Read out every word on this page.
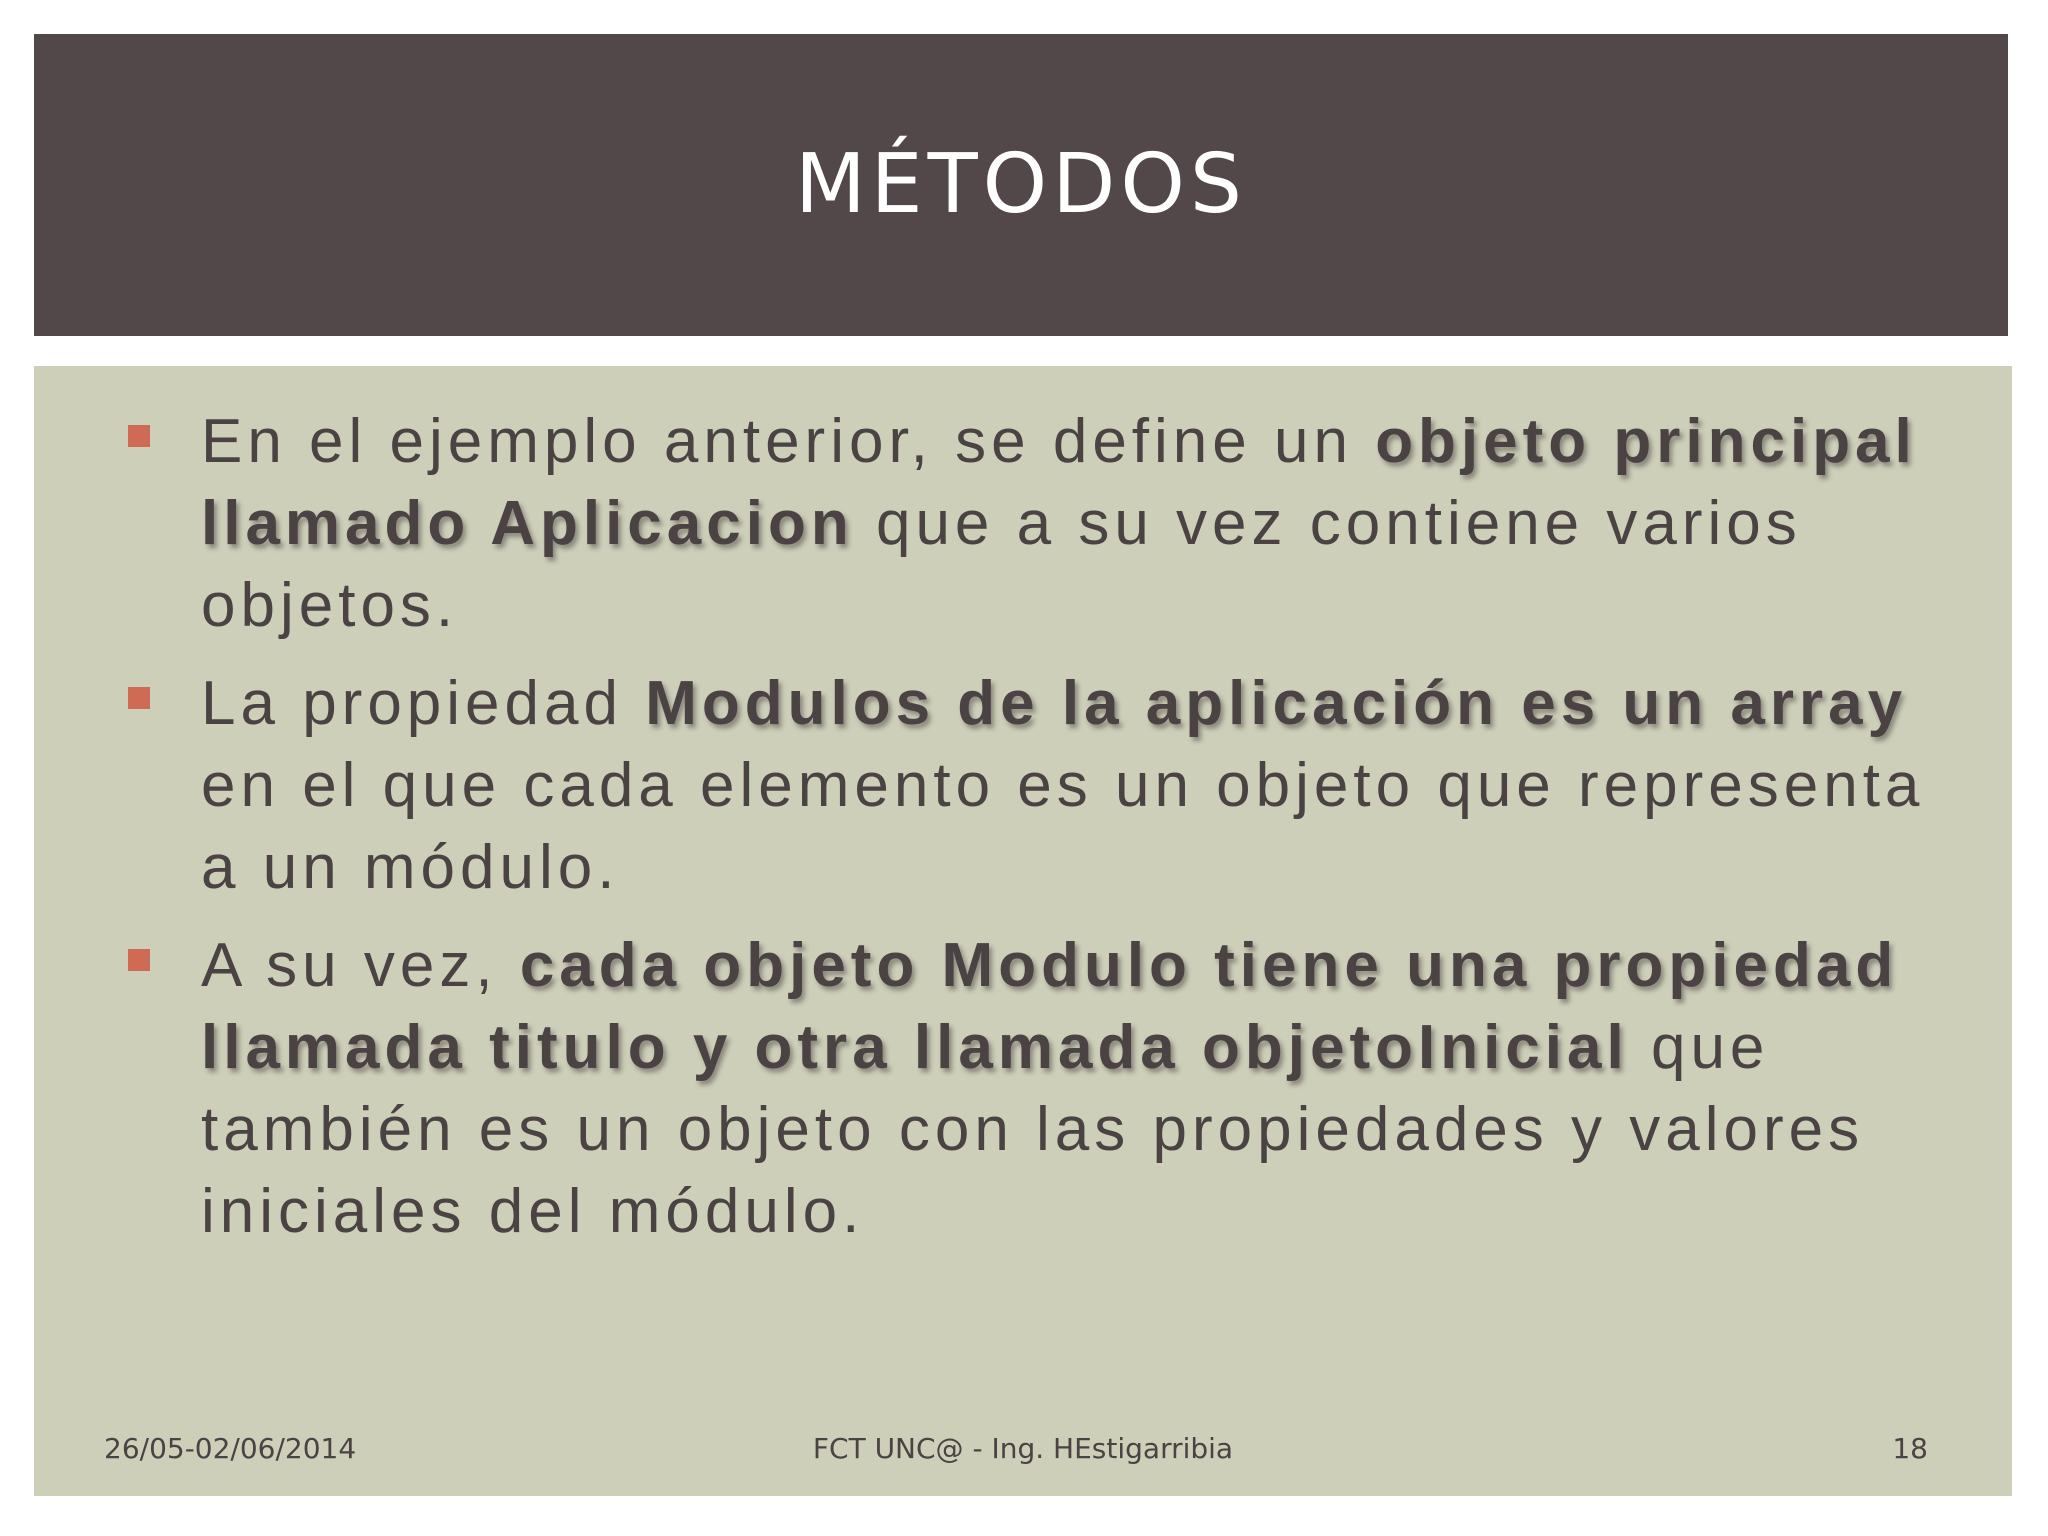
MÉTODOS
En el ejemplo anterior, se define un objeto principal llamado Aplicacion que a su vez contiene varios objetos.
La propiedad Modulos de la aplicación es un array en el que cada elemento es un objeto que representa a un módulo.
A su vez, cada objeto Modulo tiene una propiedad llamada titulo y otra llamada objetoInicial que también es un objeto con las propiedades y valores iniciales del módulo.
26/05-02/06/2014	FCT UNC@ - Ing. HEstigarribia	18
